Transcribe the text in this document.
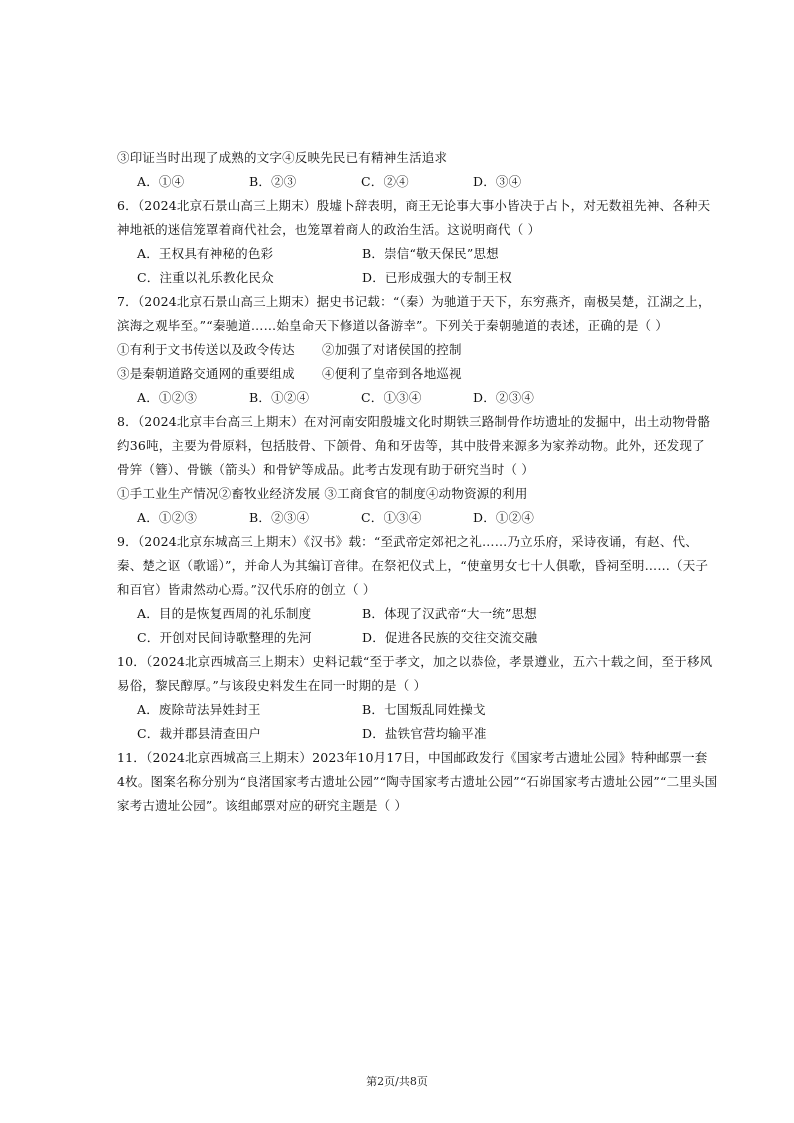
③印证当时出现了成熟的文字④反映先民已有精神生活追求
A．①④	B．②③	C．②④	D．③④
6．（2024北京石景山高三上期末）殷墟卜辞表明，商王无论事大事小皆决于占卜，对无数祖先神、各种天
神地祇的迷信笼罩着商代社会，也笼罩着商人的政治生活。这说明商代（ ）
A．王权具有神秘的色彩	B．崇信“敬天保民”思想
C．注重以礼乐教化民众	D．已形成强大的专制王权
7．（2024北京石景山高三上期末）据史书记载：“（秦）为驰道于天下，东穷燕齐，南极吴楚，江湖之上，
滨海之观毕至。”“秦驰道……始皇命天下修道以备游幸”。下列关于秦朝驰道的表述，正确的是（ ）
①有利于文书传送以及政令传达	②加强了对诸侯国的控制
③是秦朝道路交通网的重要组成	④便利了皇帝到各地巡视
A．①②③	B．①②④	C．①③④	D．②③④
8．（2024北京丰台高三上期末）在对河南安阳殷墟文化时期铁三路制骨作坊遗址的发掘中，出土动物骨骼
约36吨，主要为骨原料，包括肢骨、下颌骨、角和牙齿等，其中肢骨来源多为家养动物。此外，还发现了
骨笄（簪）、骨镞（箭头）和骨铲等成品。此考古发现有助于研究当时（ ）
①手工业生产情况②畜牧业经济发展 ③工商食官的制度④动物资源的利用
A．①②③	B．②③④	C．①③④	D．①②④
9．（2024北京东城高三上期末）《汉书》载：“至武帝定郊祀之礼……乃立乐府，采诗夜诵，有赵、代、
秦、楚之讴（歌谣）”，并命人为其编订音律。在祭祀仪式上，“使童男女七十人俱歌，昏祠至明……（天子
和百官）皆肃然动心焉。”汉代乐府的创立（ ）
A．目的是恢复西周的礼乐制度	B．体现了汉武帝“大一统”思想
C．开创对民间诗歌整理的先河	D．促进各民族的交往交流交融
10．（2024北京西城高三上期末）史料记载“至于孝文，加之以恭俭，孝景遵业，五六十载之间，至于移风
易俗，黎民醇厚。”与该段史料发生在同一时期的是（ ）
A．废除苛法异姓封王	B．七国叛乱同姓操戈
C．裁并郡县清查田户	D．盐铁官营均输平准
11．（2024北京西城高三上期末）2023年10月17日，中国邮政发行《国家考古遗址公园》特种邮票一套
4枚。图案名称分别为“良渚国家考古遗址公园”“陶寺国家考古遗址公园”“石峁国家考古遗址公园”“二里头国
家考古遗址公园”。该组邮票对应的研究主题是（ ）
第2页/共8页
